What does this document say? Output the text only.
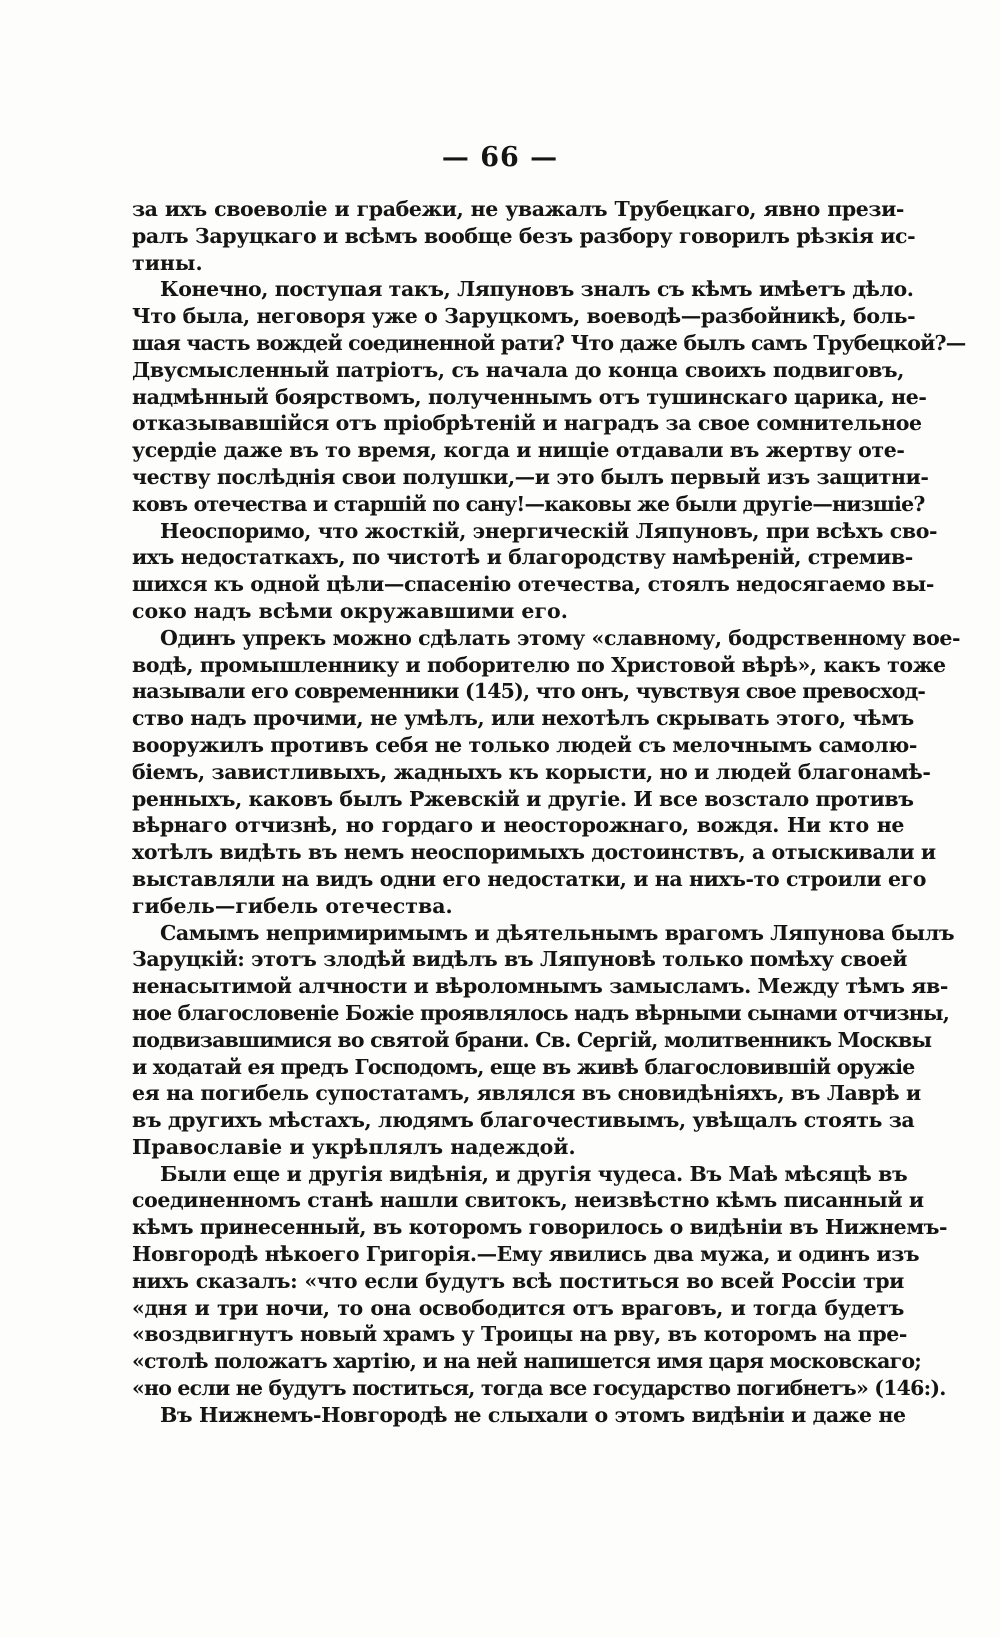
— 66 —
за ихъ своеволіе и грабежи, не уважалъ Трубецкаго, явно прези-
ралъ Заруцкаго и всѣмъ вообще безъ разбору говорилъ рѣзкія ис-
тины.
Конечно, поступая такъ, Ляпуновъ зналъ съ кѣмъ имѣетъ дѣло.
Что была, неговоря уже о Заруцкомъ, воеводѣ—разбойникѣ, боль-
шая часть вождей соединенной рати? Что даже былъ самъ Трубецкой?—
Двусмысленный патріотъ, съ начала до конца своихъ подвиговъ,
надмѣнный боярствомъ, полученнымъ отъ тушинскаго царика, не-
отказывавшійся отъ пріобрѣтеній и наградъ за свое сомнительное
усердіе даже въ то время, когда и нищіе отдавали въ жертву оте-
честву послѣднія свои полушки,—и это былъ первый изъ защитни-
ковъ отечества и старшій по сану!—каковы же были другіе—низшіе?
Неоспоримо, что жосткій, энергическій Ляпуновъ, при всѣхъ сво-
ихъ недостаткахъ, по чистотѣ и благородству намѣреній, стремив-
шихся къ одной цѣли—спасенію отечества, стоялъ недосягаемо вы-
соко надъ всѣми окружавшими его.
Одинъ упрекъ можно сдѣлать этому «славному, бодрственному вое-
водѣ, промышленнику и поборителю по Христовой вѣрѣ», какъ тоже
называли его современники (145), что онъ, чувствуя свое превосход-
ство надъ прочими, не умѣлъ, или нехотѣлъ скрывать этого, чѣмъ
вооружилъ противъ себя не только людей съ мелочнымъ самолю-
біемъ, завистливыхъ, жадныхъ къ корысти, но и людей благонамѣ-
ренныхъ, каковъ былъ Ржевскій и другіе. И все возстало противъ
вѣрнаго отчизнѣ, но гордаго и неосторожнаго, вождя. Ни кто не
хотѣлъ видѣть въ немъ неоспоримыхъ достоинствъ, а отыскивали и
выставляли на видъ одни его недостатки, и на нихъ-то строили его
гибель—гибель отечества.
Самымъ непримиримымъ и дѣятельнымъ врагомъ Ляпунова былъ
Заруцкій: этотъ злодѣй видѣлъ въ Ляпуновѣ только помѣху своей
ненасытимой алчности и вѣроломнымъ замысламъ. Между тѣмъ яв-
ное благословеніе Божіе проявлялось надъ вѣрными сынами отчизны,
подвизавшимися во святой брани. Св. Сергій, молитвенникъ Москвы
и ходатай ея предъ Господомъ, еще въ живѣ благословившій оружіе
ея на погибель супостатамъ, являлся въ сновидѣніяхъ, въ Лаврѣ и
въ другихъ мѣстахъ, людямъ благочестивымъ, увѣщалъ стоять за
Православіе и укрѣплялъ надеждой.
Были еще и другія видѣнія, и другія чудеса. Въ Маѣ мѣсяцѣ въ
соединенномъ станѣ нашли свитокъ, неизвѣстно кѣмъ писанный и
кѣмъ принесенный, въ которомъ говорилось о видѣніи въ Нижнемъ-
Новгородѣ нѣкоего Григорія.—Ему явились два мужа, и одинъ изъ
нихъ сказалъ: «что если будутъ всѣ поститься во всей Россіи три
«дня и три ночи, то она освободится отъ враговъ, и тогда будетъ
«воздвигнутъ новый храмъ у Троицы на рву, въ которомъ на пре-
«столѣ положатъ хартію, и на ней напишется имя царя московскаго;
«но если не будутъ поститься, тогда все государство погибнетъ» (146:).
Въ Нижнемъ-Новгородѣ не слыхали о этомъ видѣніи и даже не
